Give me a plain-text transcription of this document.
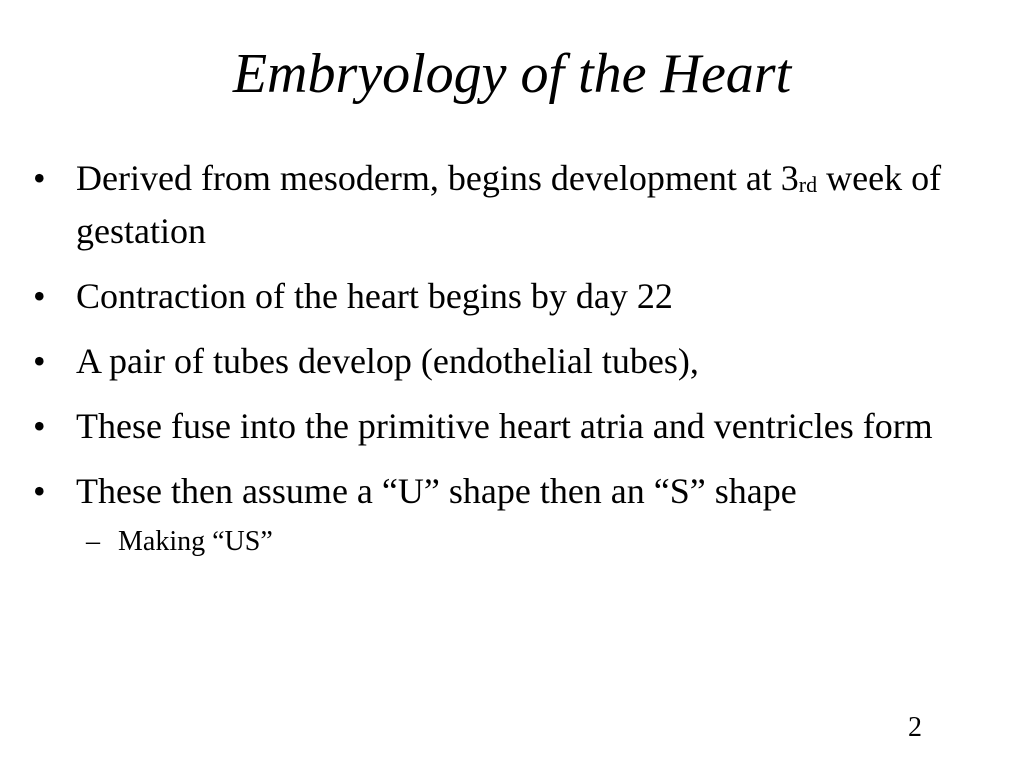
Embryology of the Heart
• Derived from mesoderm, begins development at 3rd week of gestation
• Contraction of the heart begins by day 22
• A pair of tubes develop (endothelial tubes),
• These fuse into the primitive heart atria and ventricles form
• These then assume a “U” shape then an “S” shape
– Making “US”
2
